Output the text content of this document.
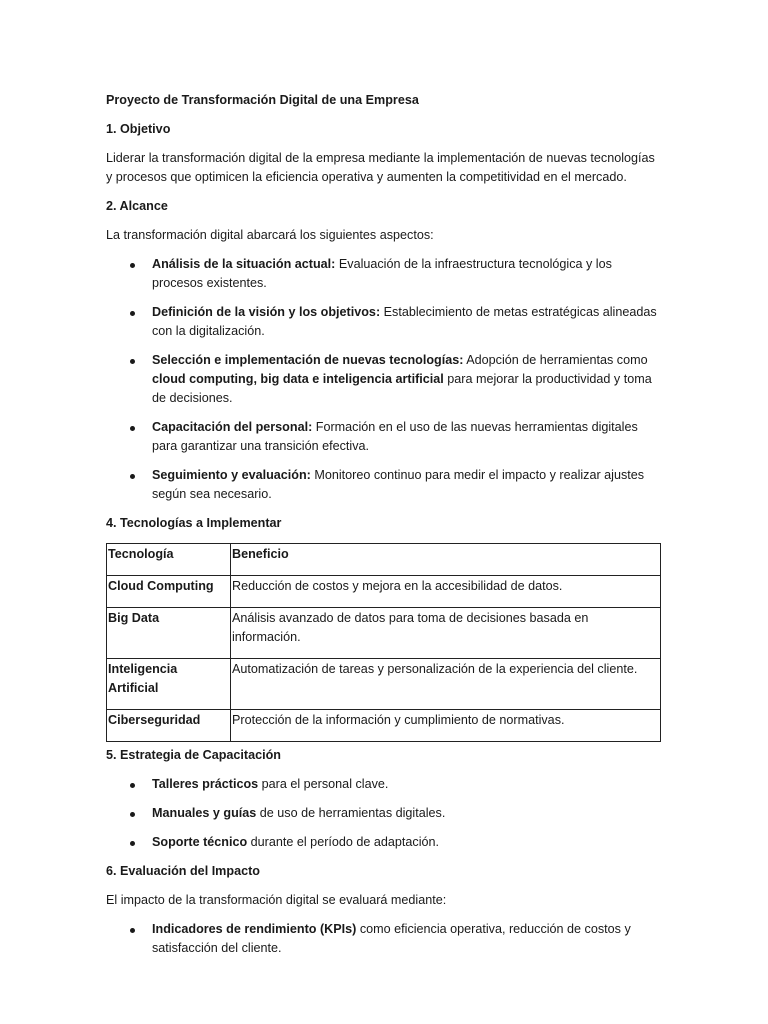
Proyecto de Transformación Digital de una Empresa

1. Objetivo

Liderar la transformación digital de la empresa mediante la implementación de nuevas tecnologías y procesos que optimicen la eficiencia operativa y aumenten la competitividad en el mercado.

2. Alcance

La transformación digital abarcará los siguientes aspectos:

Análisis de la situación actual: Evaluación de la infraestructura tecnológica y los procesos existentes.
Definición de la visión y los objetivos: Establecimiento de metas estratégicas alineadas con la digitalización.
Selección e implementación de nuevas tecnologías: Adopción de herramientas como cloud computing, big data e inteligencia artificial para mejorar la productividad y toma de decisiones.
Capacitación del personal: Formación en el uso de las nuevas herramientas digitales para garantizar una transición efectiva.
Seguimiento y evaluación: Monitoreo continuo para medir el impacto y realizar ajustes según sea necesario.

4. Tecnologías a Implementar

Tecnología	Beneficio
Cloud Computing	Reducción de costos y mejora en la accesibilidad de datos.
Big Data	Análisis avanzado de datos para toma de decisiones basada en información.
Inteligencia Artificial	Automatización de tareas y personalización de la experiencia del cliente.
Ciberseguridad	Protección de la información y cumplimiento de normativas.

5. Estrategia de Capacitación

Talleres prácticos para el personal clave.
Manuales y guías de uso de herramientas digitales.
Soporte técnico durante el período de adaptación.

6. Evaluación del Impacto

El impacto de la transformación digital se evaluará mediante:

Indicadores de rendimiento (KPIs) como eficiencia operativa, reducción de costos y satisfacción del cliente.
